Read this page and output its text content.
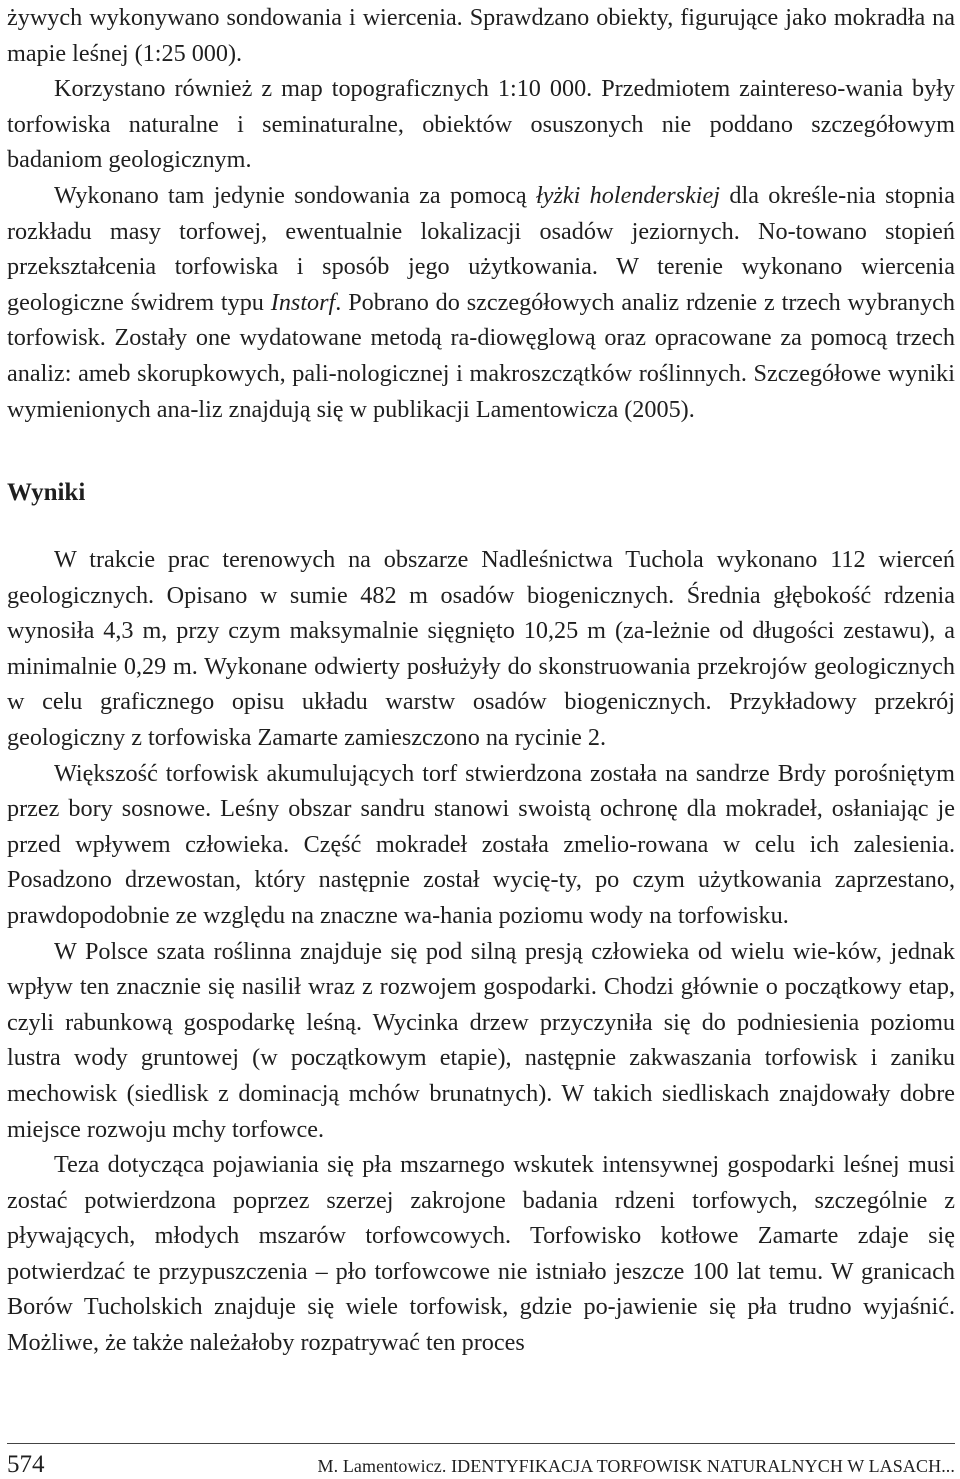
żywych wykonywano sondowania i wiercenia. Sprawdzano obiekty, figurujące jako mokradła na mapie leśnej (1:25 000).

Korzystano również z map topograficznych 1:10 000. Przedmiotem zaintereso-wania były torfowiska naturalne i seminaturalne, obiektów osuszonych nie poddano szczegółowym badaniom geologicznym.

Wykonano tam jedynie sondowania za pomocą łyżki holenderskiej dla określe-nia stopnia rozkładu masy torfowej, ewentualnie lokalizacji osadów jeziornych. No-towano stopień przekształcenia torfowiska i sposób jego użytkowania. W terenie wykonano wiercenia geologiczne świdrem typu Instorf. Pobrano do szczegółowych analiz rdzenie z trzech wybranych torfowisk. Zostały one wydatowane metodą ra-diowęglową oraz opracowane za pomocą trzech analiz: ameb skorupkowych, pali-nologicznej i makroszczątków roślinnych. Szczegółowe wyniki wymienionych ana-liz znajdują się w publikacji Lamentowicza (2005).

Wyniki

W trakcie prac terenowych na obszarze Nadleśnictwa Tuchola wykonano 112 wierceń geologicznych. Opisano w sumie 482 m osadów biogenicznych. Średnia głębokość rdzenia wynosiła 4,3 m, przy czym maksymalnie sięgnięto 10,25 m (za-leżnie od długości zestawu), a minimalnie 0,29 m. Wykonane odwierty posłużyły do skonstruowania przekrojów geologicznych w celu graficznego opisu układu warstw osadów biogenicznych. Przykładowy przekrój geologiczny z torfowiska Zamarte zamieszczono na rycinie 2.

Większość torfowisk akumulujących torf stwierdzona została na sandrze Brdy porośniętym przez bory sosnowe. Leśny obszar sandru stanowi swoistą ochronę dla mokradeł, osłaniając je przed wpływem człowieka. Część mokradeł została zmelio-rowana w celu ich zalesienia. Posadzono drzewostan, który następnie został wycię-ty, po czym użytkowania zaprzestano, prawdopodobnie ze względu na znaczne wa-hania poziomu wody na torfowisku.

W Polsce szata roślinna znajduje się pod silną presją człowieka od wielu wie-ków, jednak wpływ ten znacznie się nasilił wraz z rozwojem gospodarki. Chodzi głównie o początkowy etap, czyli rabunkową gospodarkę leśną. Wycinka drzew przyczyniła się do podniesienia poziomu lustra wody gruntowej (w początkowym etapie), następnie zakwaszania torfowisk i zaniku mechowisk (siedlisk z dominacją mchów brunatnych). W takich siedliskach znajdowały dobre miejsce rozwoju mchy torfowce.

Teza dotycząca pojawiania się pła mszarnego wskutek intensywnej gospodarki leśnej musi zostać potwierdzona poprzez szerzej zakrojone badania rdzeni torfowych, szczególnie z pływających, młodych mszarów torfowcowych. Torfowisko kotłowe Zamarte zdaje się potwierdzać te przypuszczenia – pło torfowcowe nie istniało jeszcze 100 lat temu. W granicach Borów Tucholskich znajduje się wiele torfowisk, gdzie po-jawienie się pła trudno wyjaśnić. Możliwe, że także należałoby rozpatrywać ten proces

574	M. Lamentowicz. IDENTYFIKACJA TORFOWISK NATURALNYCH W LASACH...
